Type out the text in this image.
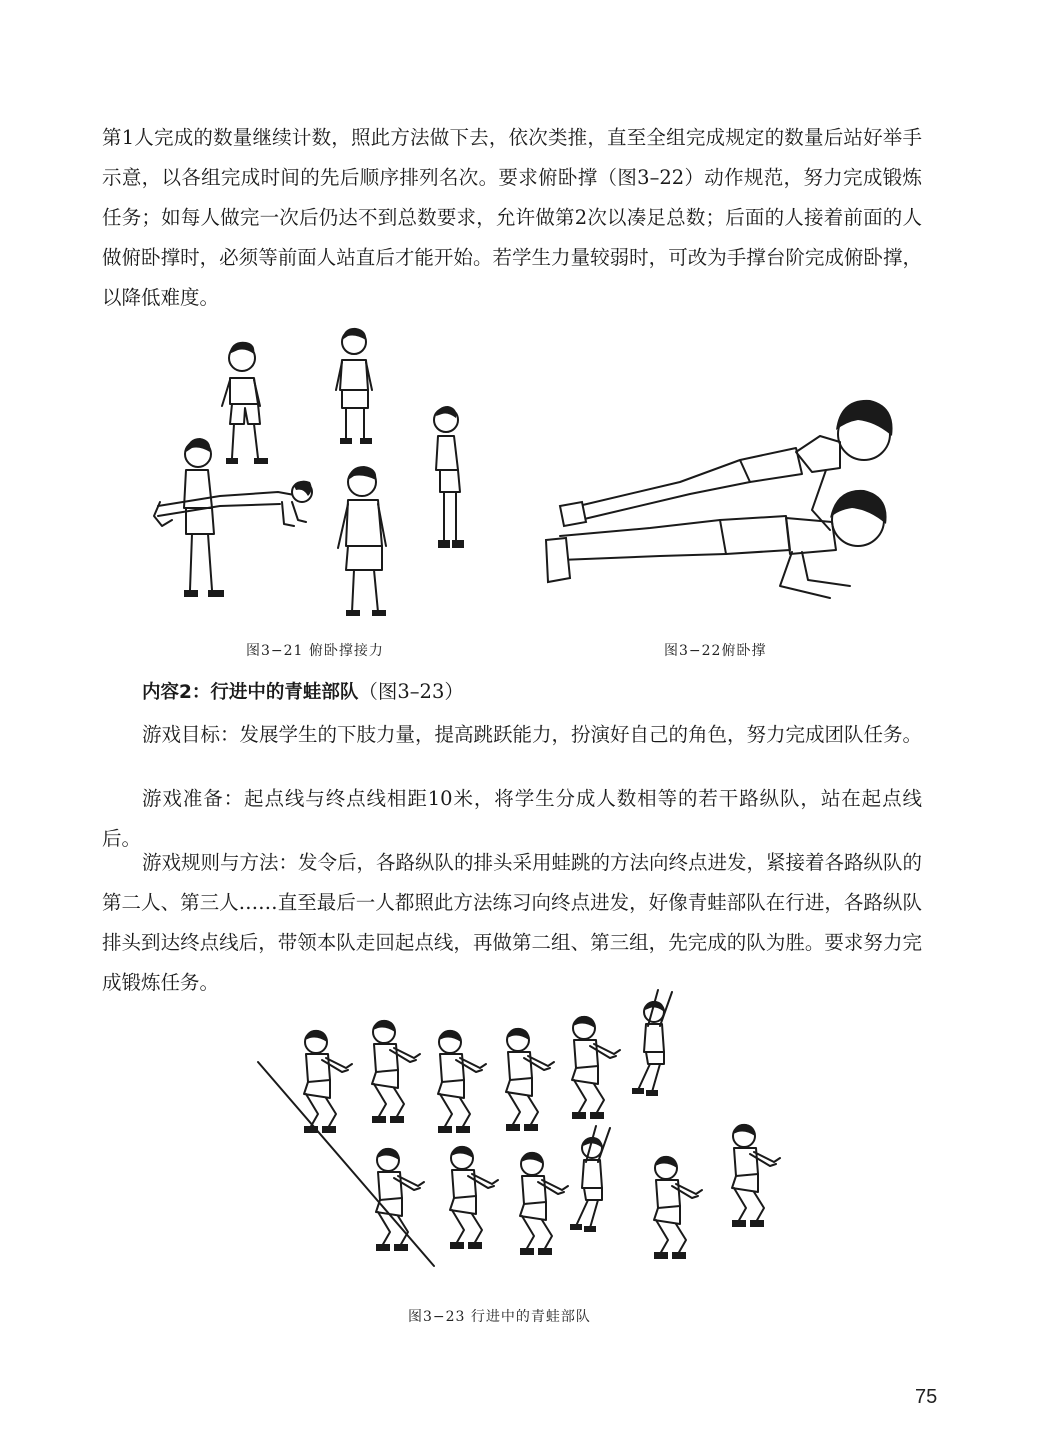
第1人完成的数量继续计数，照此方法做下去，依次类推，直至全组完成规定的数量后站好举手示意，以各组完成时间的先后顺序排列名次。要求俯卧撑（图3–22）动作规范，努力完成锻炼任务；如每人做完一次后仍达不到总数要求，允许做第2次以凑足总数；后面的人接着前面的人做俯卧撑时，必须等前面人站直后才能开始。若学生力量较弱时，可改为手撑台阶完成俯卧撑，以降低难度。

图3−21 俯卧撑接力	图3−22俯卧撑

内容2：行进中的青蛙部队（图3–23）

游戏目标：发展学生的下肢力量，提高跳跃能力，扮演好自己的角色，努力完成团队任务。

游戏准备：起点线与终点线相距10米，将学生分成人数相等的若干路纵队，站在起点线后。

游戏规则与方法：发令后，各路纵队的排头采用蛙跳的方法向终点进发，紧接着各路纵队的第二人、第三人……直至最后一人都照此方法练习向终点进发，好像青蛙部队在行进，各路纵队排头到达终点线后，带领本队走回起点线，再做第二组、第三组，先完成的队为胜。要求努力完成锻炼任务。

图3−23 行进中的青蛙部队
75
